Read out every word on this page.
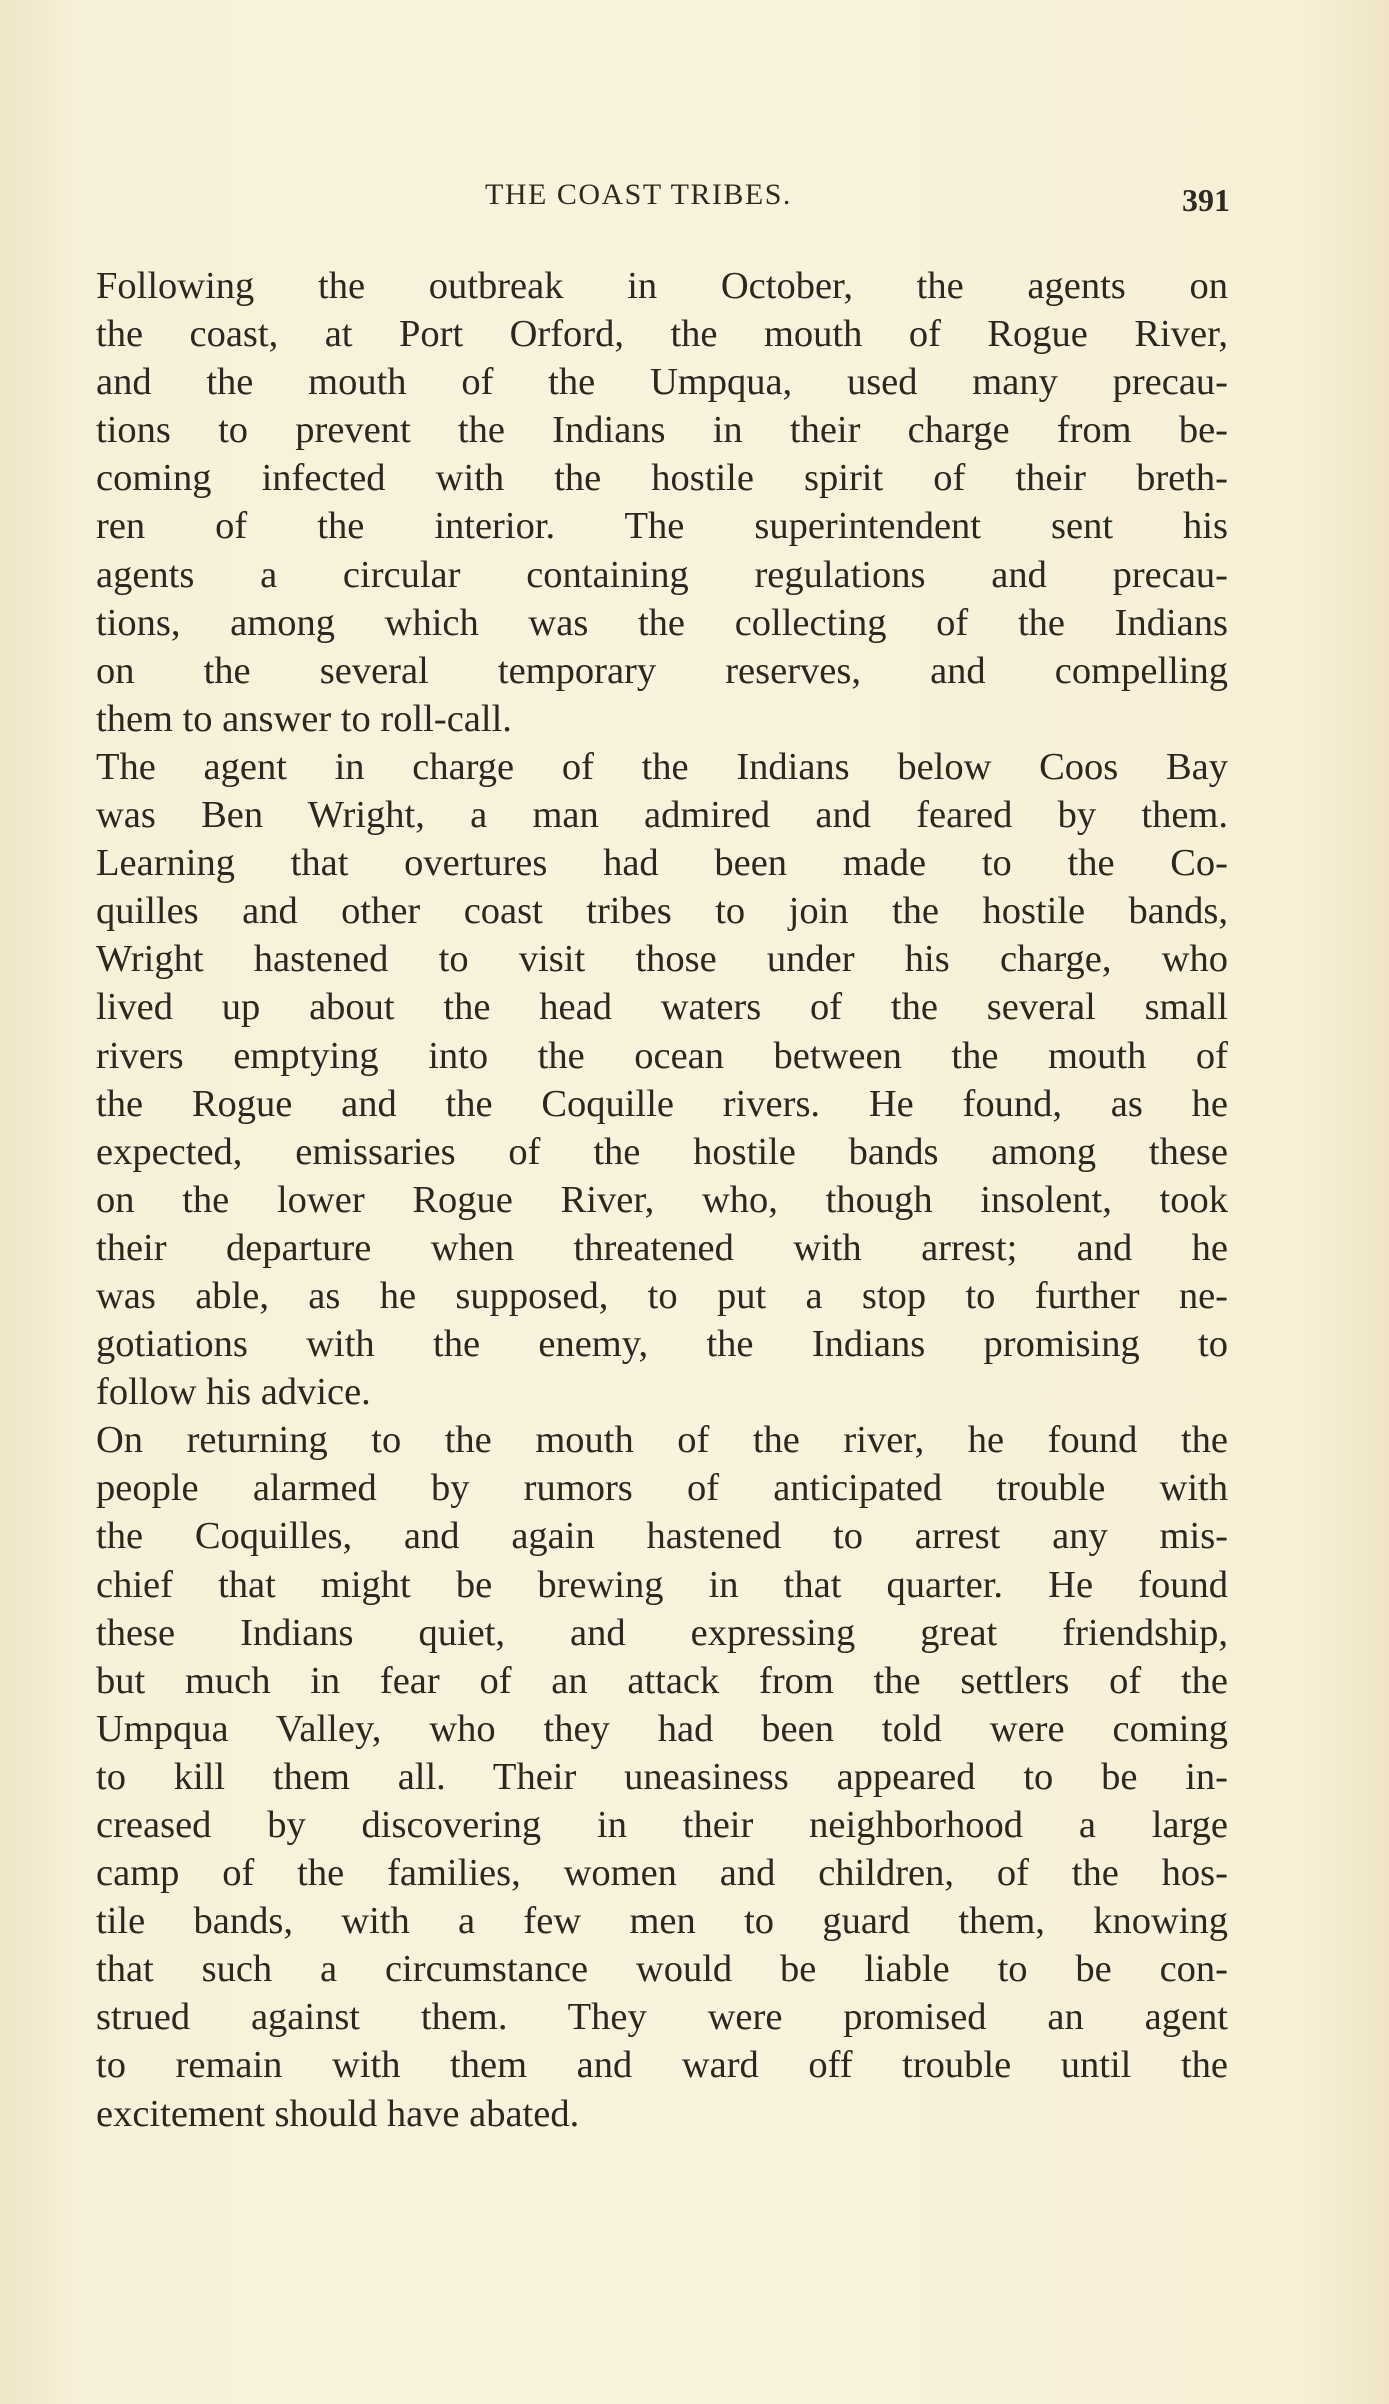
THE COAST TRIBES.	391
Following the outbreak in October, the agents on
the coast, at Port Orford, the mouth of Rogue River,
and the mouth of the Umpqua, used many precau-
tions to prevent the Indians in their charge from be-
coming infected with the hostile spirit of their breth-
ren of the interior. The superintendent sent his
agents a circular containing regulations and precau-
tions, among which was the collecting of the Indians
on the several temporary reserves, and compelling
them to answer to roll-call.
The agent in charge of the Indians below Coos Bay
was Ben Wright, a man admired and feared by them.
Learning that overtures had been made to the Co-
quilles and other coast tribes to join the hostile bands,
Wright hastened to visit those under his charge, who
lived up about the head waters of the several small
rivers emptying into the ocean between the mouth of
the Rogue and the Coquille rivers. He found, as he
expected, emissaries of the hostile bands among these
on the lower Rogue River, who, though insolent, took
their departure when threatened with arrest; and he
was able, as he supposed, to put a stop to further ne-
gotiations with the enemy, the Indians promising to
follow his advice.
On returning to the mouth of the river, he found the
people alarmed by rumors of anticipated trouble with
the Coquilles, and again hastened to arrest any mis-
chief that might be brewing in that quarter. He found
these Indians quiet, and expressing great friendship,
but much in fear of an attack from the settlers of the
Umpqua Valley, who they had been told were coming
to kill them all. Their uneasiness appeared to be in-
creased by discovering in their neighborhood a large
camp of the families, women and children, of the hos-
tile bands, with a few men to guard them, knowing
that such a circumstance would be liable to be con-
strued against them. They were promised an agent
to remain with them and ward off trouble until the
excitement should have abated.
